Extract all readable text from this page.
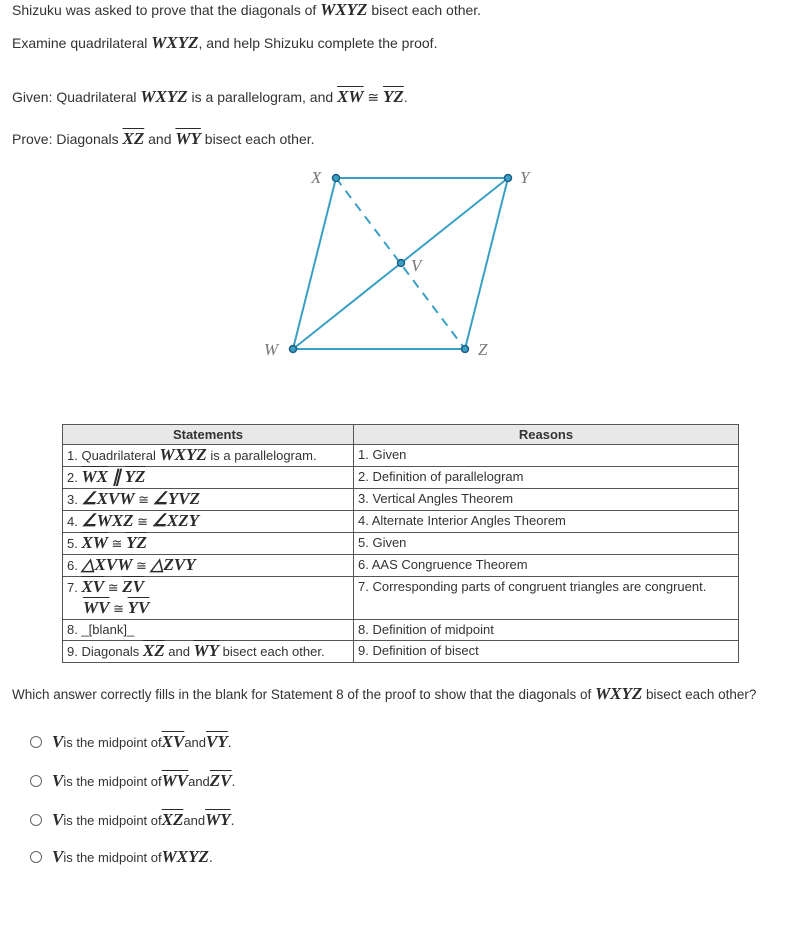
Shizuku was asked to prove that the diagonals of WXYZ bisect each other.
Examine quadrilateral WXYZ, and help Shizuku complete the proof.
Given: Quadrilateral WXYZ is a parallelogram, and $\overline{XW}$ ≅ $\overline{YZ}$.
Prove: Diagonals $\overline{XZ}$ and $\overline{WY}$ bisect each other.
X	Y
V
W	Z
Statements	Reasons
1. Quadrilateral WXYZ is a parallelogram.	1. Given
2. $\overline{WX}$ ∥ $\overline{YZ}$	2. Definition of parallelogram
3. ∠XVW ≅ ∠YVZ	3. Vertical Angles Theorem
4. ∠WXZ ≅ ∠XZY	4. Alternate Interior Angles Theorem
5. $\overline{XW}$ ≅ $\overline{YZ}$	5. Given
6. △XVW ≅ △ZVY	6. AAS Congruence Theorem

7. $\overline{XV}$ ≅ $\overline{ZV}$
$\overline{WV}$ ≅ $\overline{YV}$	7. Corresponding parts of congruent triangles are congruent.
8. _[blank]_	8. Definition of midpoint
9. Diagonals $\overline{XZ}$ and $\overline{WY}$ bisect each other.	9. Definition of bisect
Which answer correctly fills in the blank for Statement 8 of the proof to show that the diagonals of WXYZ bisect each other?
V is the midpoint of $\overline{XV}$ and $\overline{VY}$ .
V is the midpoint of $\overline{WV}$ and $\overline{ZV}$ .
V is the midpoint of $\overline{XZ}$ and $\overline{WY}$ .
V is the midpoint of WXYZ .
